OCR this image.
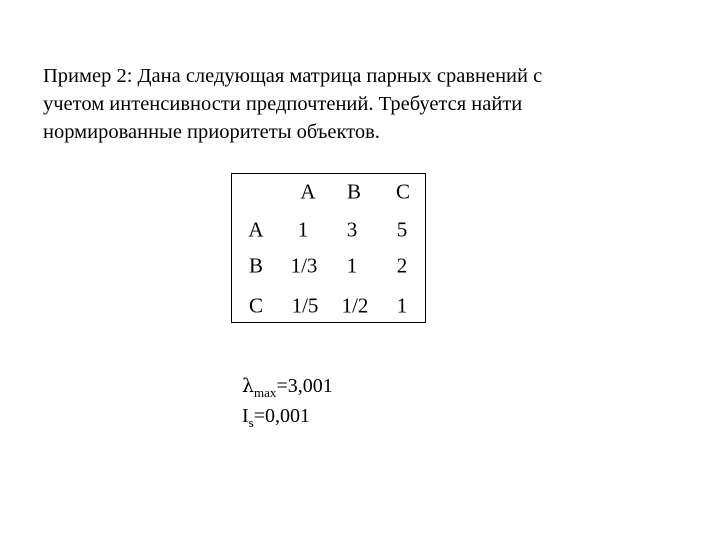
Пример 2: Дана следующая матрица парных сравнений с
учетом интенсивности предпочтений. Требуется найти
нормированные приоритеты объектов.
A B C
A
B
C
1 3 5
1/3 1 2
1/5 1/2 1
$\lambda_{max}=3,001$
$I_s=0,001$
